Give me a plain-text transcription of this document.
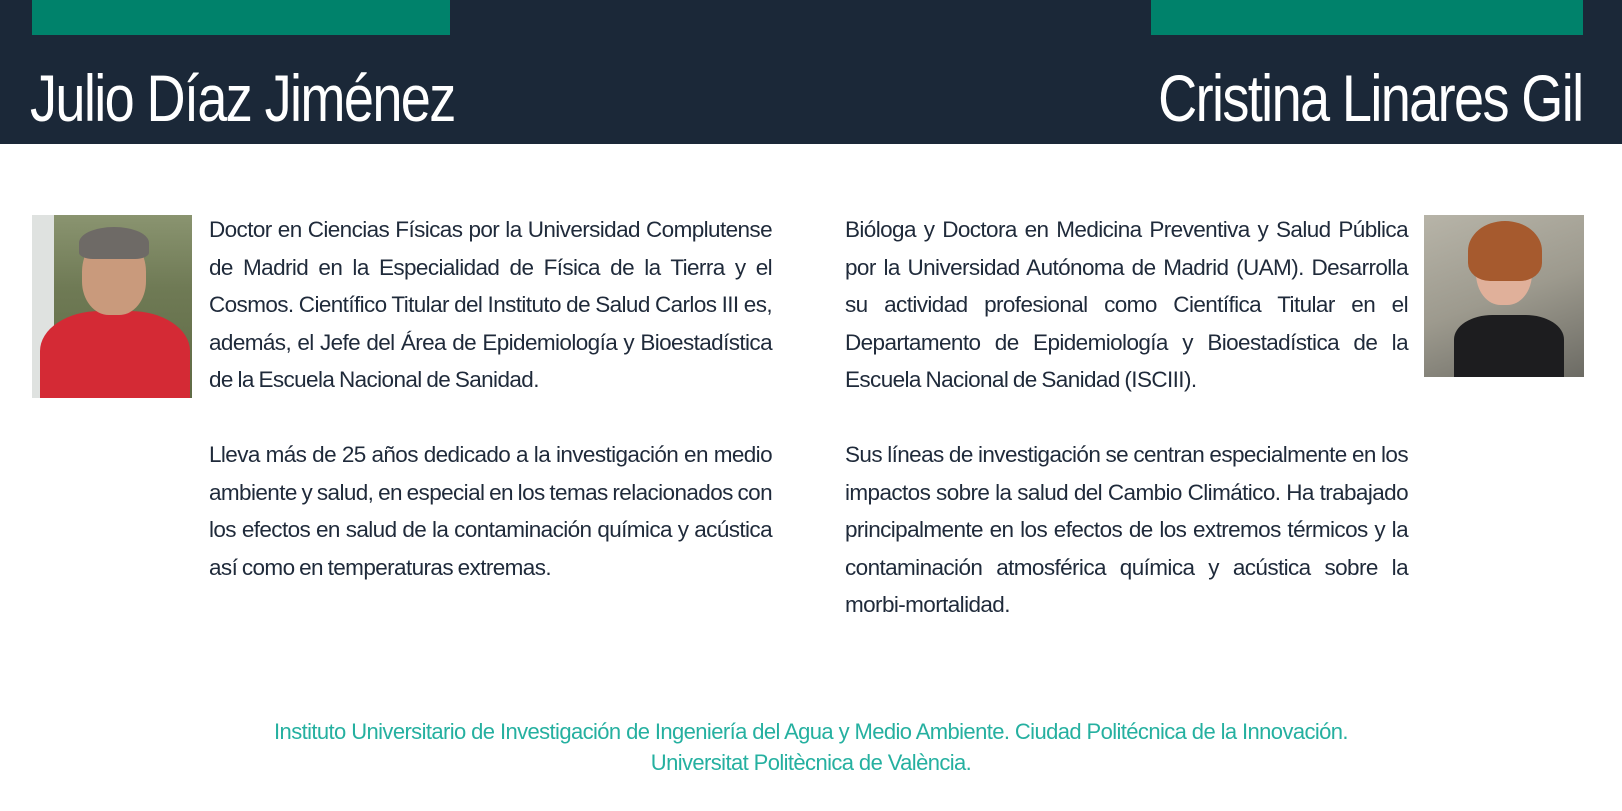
Julio Díaz Jiménez	Cristina Linares Gil

Doctor en Ciencias Físicas por la Universidad Complutense de Madrid en la Especialidad de Física de la Tierra y el Cosmos. Científico Titular del Instituto de Salud Carlos III es, además, el Jefe del Área de Epidemiología y Bioestadística de la Escuela Nacional de Sanidad.

Lleva más de 25 años dedicado a la investigación en medio ambiente y salud, en especial en los temas relacionados con los efectos en salud de la contaminación química y acústica así como en temperaturas extremas.

Bióloga y Doctora en Medicina Preventiva y Salud Pública por la Universidad Autónoma de Madrid (UAM). Desarrolla su actividad profesional como Científica Titular en el Departamento de Epidemiología y Bioestadística de la Escuela Nacional de Sanidad (ISCIII).

Sus líneas de investigación se centran especialmente en los impactos sobre la salud del Cambio Climático. Ha trabajado principalmente en los efectos de los extremos térmicos y la contaminación atmosférica química y acústica sobre la morbi-mortalidad.

Instituto Universitario de Investigación de Ingeniería del Agua y Medio Ambiente. Ciudad Politécnica de la Innovación.
Universitat Politècnica de València.
